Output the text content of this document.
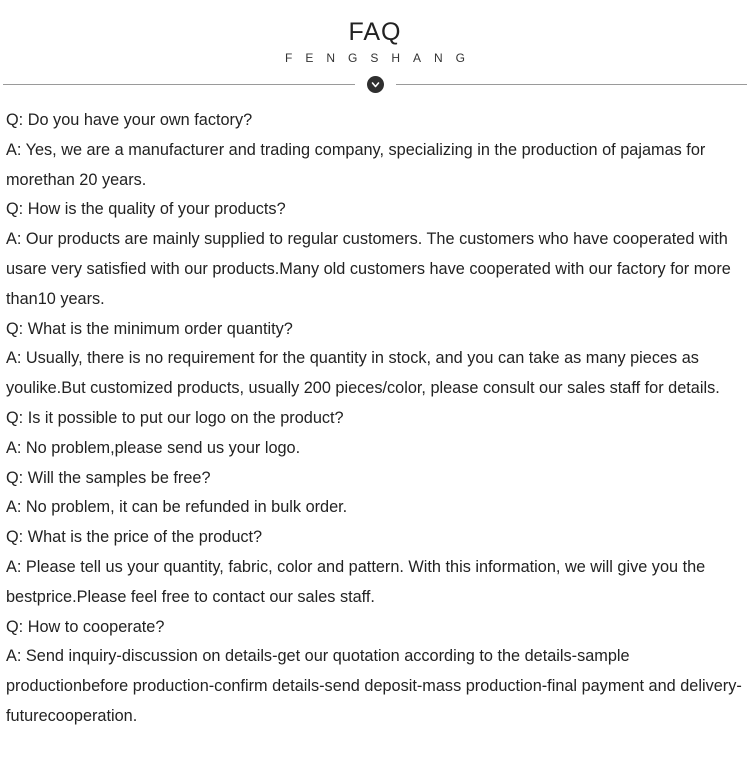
FAQ
FENGSHANG

Q: Do you have your own factory?

A: Yes, we are a manufacturer and trading company, specializing in the production of pajamas for morethan 20 years.

Q: How is the quality of your products?

A: Our products are mainly supplied to regular customers. The customers who have cooperated with usare very satisfied with our products.Many old customers have cooperated with our factory for more than10 years.

Q: What is the minimum order quantity?

A: Usually, there is no requirement for the quantity in stock, and you can take as many pieces as youlike.But customized products, usually 200 pieces/color, please consult our sales staff for details.

Q: Is it possible to put our logo on the product?

A: No problem,please send us your logo.

Q: Will the samples be free?

A: No problem, it can be refunded in bulk order.

Q: What is the price of the product?

A: Please tell us your quantity, fabric, color and pattern. With this information, we will give you the bestprice.Please feel free to contact our sales staff.

Q: How to cooperate?

A: Send inquiry-discussion on details-get our quotation according to the details-sample productionbefore production-confirm details-send deposit-mass production-final payment and delivery-futurecooperation.
